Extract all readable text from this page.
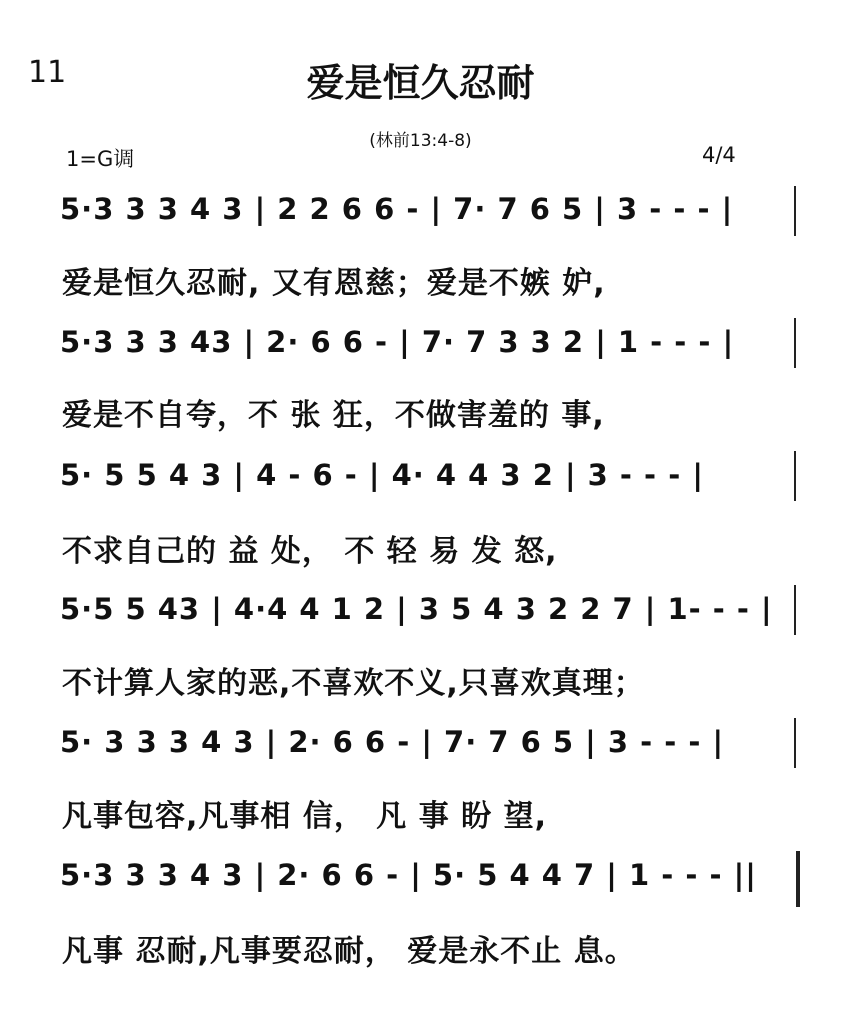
11	爱是恒久忍耐
(林前13:4-8)
1=G调	4/4
5·3 3 3 4 3 | 2 2 6 6 - | 7· 7 6 5 | 3 - - - |
爱是恒久忍耐, 又有恩慈；爱是不嫉 妒,
5·3 3 3 43 | 2· 6 6 - | 7· 7 3 3 2 | 1 - - - |
爱是不自夸，不 张 狂，不做害羞的 事,
5· 5 5 4 3 | 4 - 6 - | 4· 4 4 3 2 | 3 - - - |
不求自己的 益 处， 不 轻 易 发 怒,
5·5 5 43 | 4·4 4 1 2 | 3 5 4 3 2 2 7 | 1- - - |
不计算人家的恶,不喜欢不义,只喜欢真理；
5· 3 3 3 4 3 | 2· 6 6 - | 7· 7 6 5 | 3 - - - |
凡事包容,凡事相 信， 凡 事 盼 望,
5·3 3 3 4 3 | 2· 6 6 - | 5· 5 4 4 7 | 1 - - - ||
凡事 忍耐,凡事要忍耐， 爱是永不止 息。
